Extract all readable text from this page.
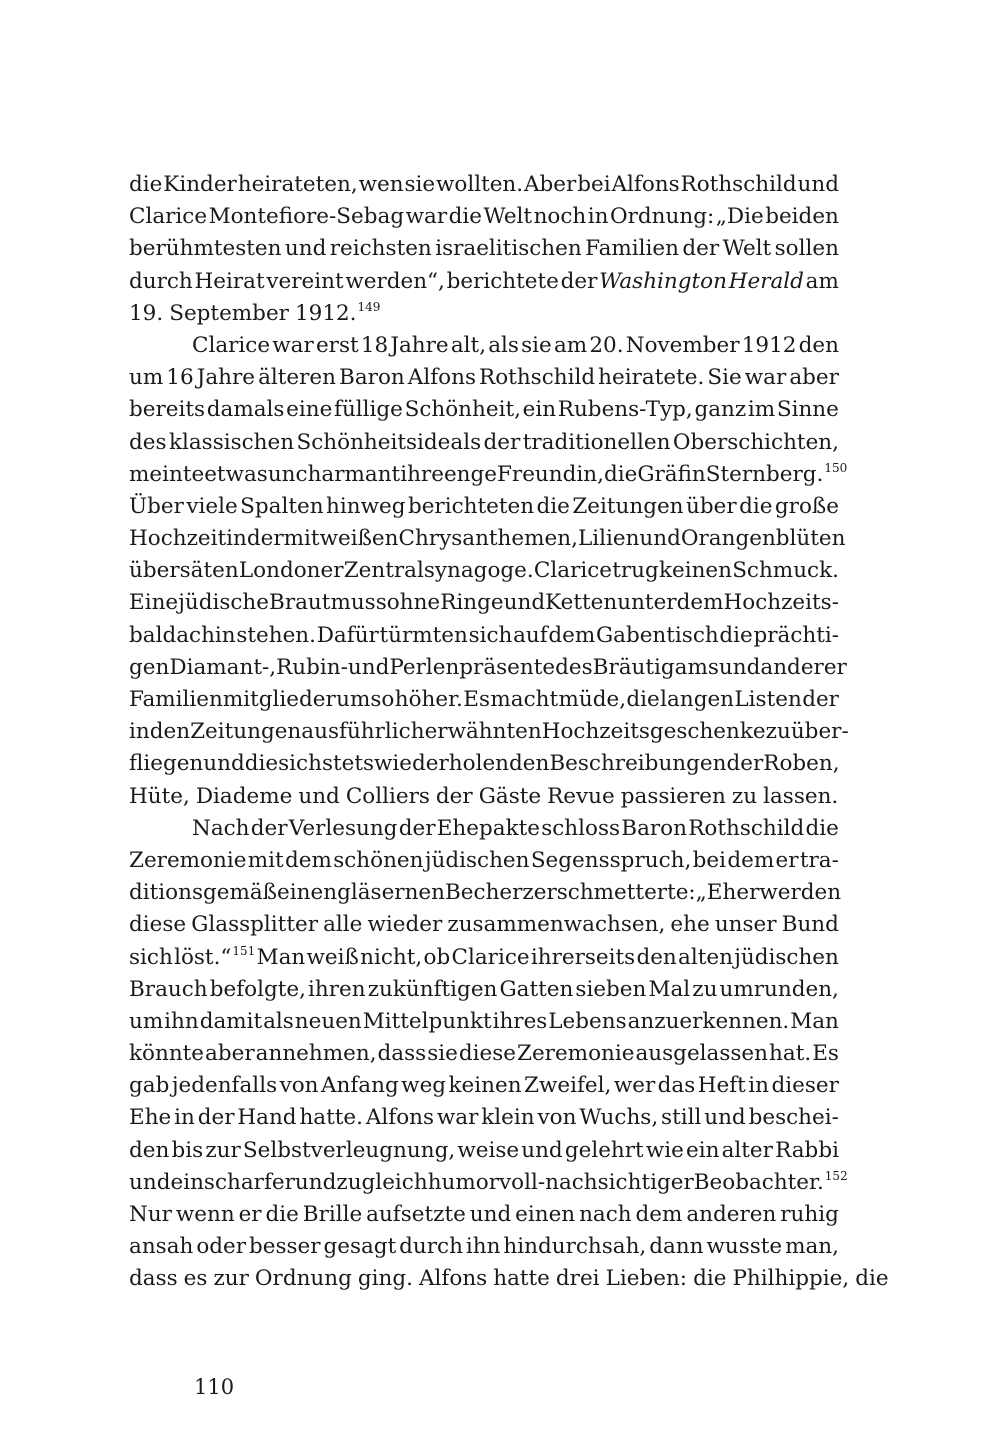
die Kinder heirateten, wen sie wollten. Aber bei Alfons Rothschild und
Clarice Montefiore-Sebag war die Welt noch in Ordnung: „Die beiden
berühmtesten und reichsten israelitischen Familien der Welt sollen
durch Heirat vereint werden“, berichtete der Washington Herald am
19. September 1912.$^{149}$
Clarice war erst 18 Jahre alt, als sie am 20. November 1912 den
um 16 Jahre älteren Baron Alfons Rothschild heiratete. Sie war aber
bereits damals eine füllige Schönheit, ein Rubens-Typ, ganz im Sinne
des klassischen Schönheitsideals der traditionellen Oberschichten,
meinte etwas uncharmant ihre enge Freundin, die Gräfin Sternberg.$^{150}$
Über viele Spalten hinweg berichteten die Zeitungen über die große
Hochzeit in der mit weißen Chrysanthemen, Lilien und Orangenblüten
übersäten Londoner Zentralsynagoge. Clarice trug keinen Schmuck.
Eine jüdische Braut muss ohne Ringe und Ketten unter dem Hochzeits-
baldachin stehen. Dafür türmten sich auf dem Gabentisch die prächti-
gen Diamant-, Rubin- und Perlenpräsente des Bräutigams und anderer
Familienmitglieder umso höher. Es macht müde, die langen Listen der
in den Zeitungen ausführlich erwähnten Hochzeitsgeschenke zu über-
fliegen und die sich stets wiederholenden Beschreibungen der Roben,
Hüte, Diademe und Colliers der Gäste Revue passieren zu lassen.
Nach der Verlesung der Ehepakte schloss Baron Rothschild die
Zeremonie mit dem schönen jüdischen Segensspruch, bei dem er tra-
ditionsgemäß einen gläsernen Becher zerschmetterte: „Eher werden
diese Glassplitter alle wieder zusammenwachsen, ehe unser Bund
sich löst.“$^{151}$ Man weiß nicht, ob Clarice ihrerseits den alten jüdischen
Brauch befolgte, ihren zukünftigen Gatten sieben Mal zu umrunden,
um ihn damit als neuen Mittelpunkt ihres Lebens anzuerkennen. Man
könnte aber annehmen, dass sie diese Zeremonie ausgelassen hat. Es
gab jedenfalls von Anfang weg keinen Zweifel, wer das Heft in dieser
Ehe in der Hand hatte. Alfons war klein von Wuchs, still und beschei-
den bis zur Selbstverleugnung, weise und gelehrt wie ein alter Rabbi
und ein scharfer und zugleich humorvoll-nachsichtiger Beobachter.$^{152}$
Nur wenn er die Brille aufsetzte und einen nach dem anderen ruhig
ansah oder besser gesagt durch ihn hindurchsah, dann wusste man,
dass es zur Ordnung ging. Alfons hatte drei Lieben: die Philhippie, die
110
